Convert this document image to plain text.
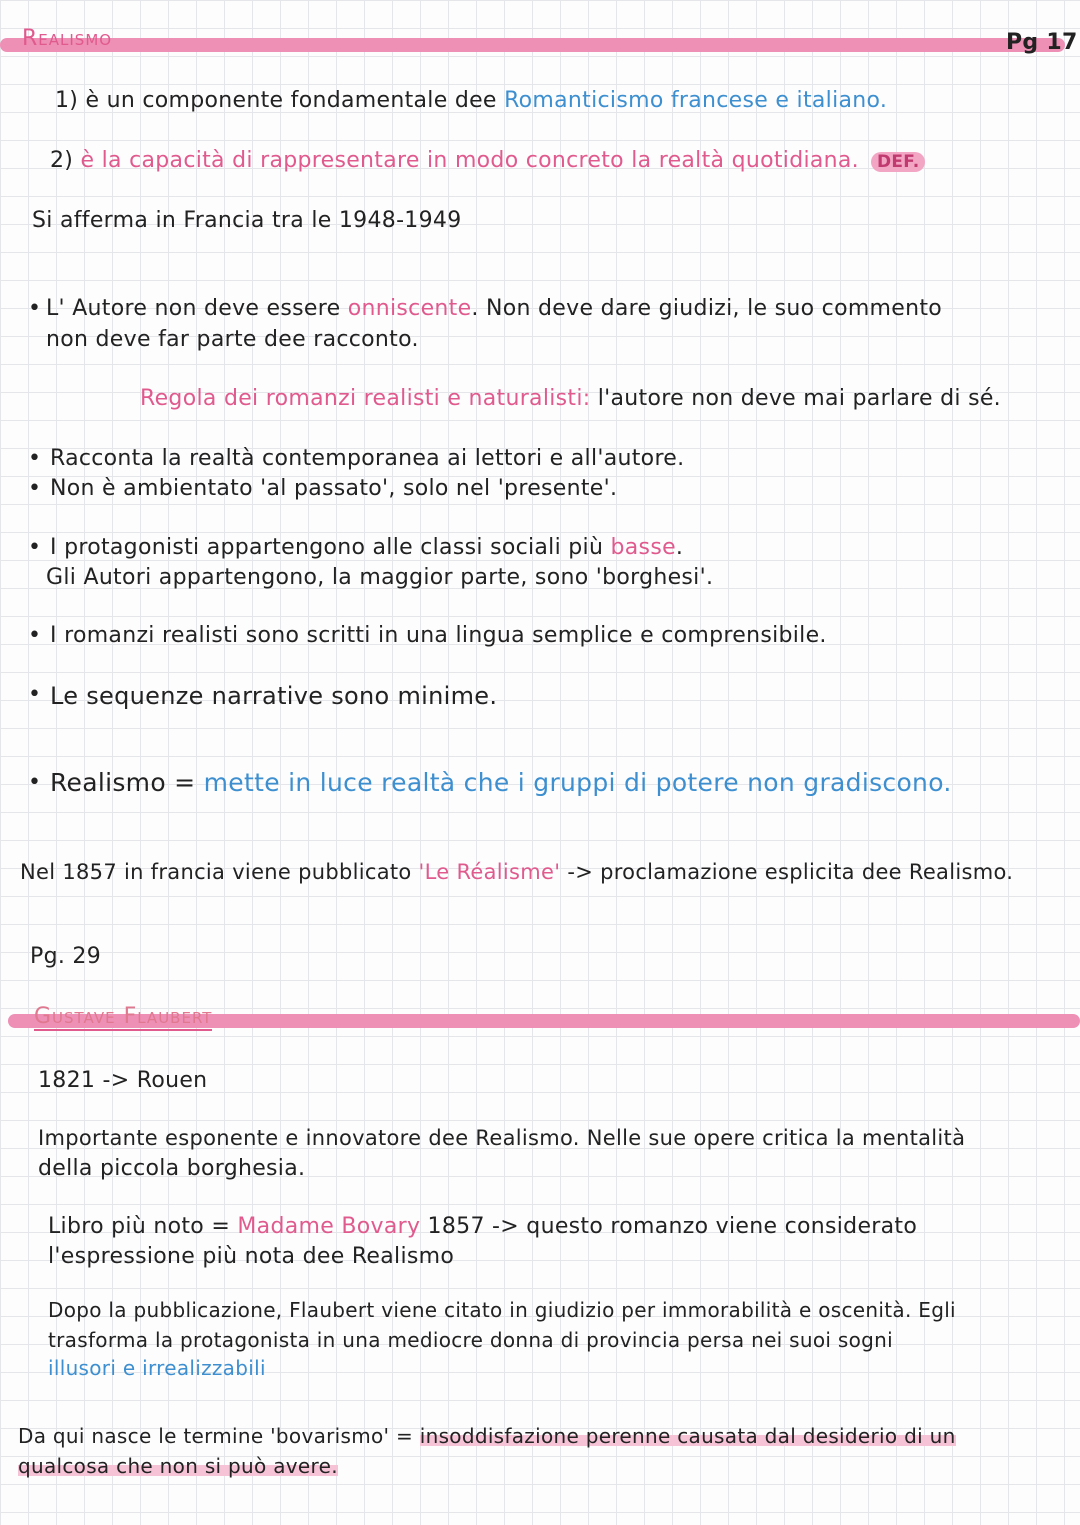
Realismo	Pg 17
1) è un componente fondamentale dee Romanticismo francese e italiano.
2) è la capacità di rappresentare in modo concreto la realtà quotidiana. DEF.
Si afferma in Francia tra le 1948-1949
• L' Autore non deve essere onniscente. Non deve dare giudizi, le suo commento
non deve far parte dee racconto.
Regola dei romanzi realisti e naturalisti: l'autore non deve mai parlare di sé.
• Racconta la realtà contemporanea ai lettori e all'autore.
• Non è ambientato 'al passato', solo nel 'presente'.
• I protagonisti appartengono alle classi sociali più basse.
Gli Autori appartengono, la maggior parte, sono 'borghesi'.
• I romanzi realisti sono scritti in una lingua semplice e comprensibile.
• Le sequenze narrative sono minime.
• Realismo = mette in luce realtà che i gruppi di potere non gradiscono.
Nel 1857 in francia viene pubblicato 'Le Réalisme' -> proclamazione esplicita dee Realismo.
Pg. 29
Gustave Flaubert
1821 -> Rouen
Importante esponente e innovatore dee Realismo. Nelle sue opere critica la mentalità
della piccola borghesia.
Libro più noto = Madame Bovary 1857 -> questo romanzo viene considerato
l'espressione più nota dee Realismo
Dopo la pubblicazione, Flaubert viene citato in giudizio per immorabilità e oscenità. Egli
trasforma la protagonista in una mediocre donna di provincia persa nei suoi sogni
illusori e irrealizzabili
Da qui nasce le termine 'bovarismo' = insoddisfazione perenne causata dal desiderio di un
qualcosa che non si può avere.
